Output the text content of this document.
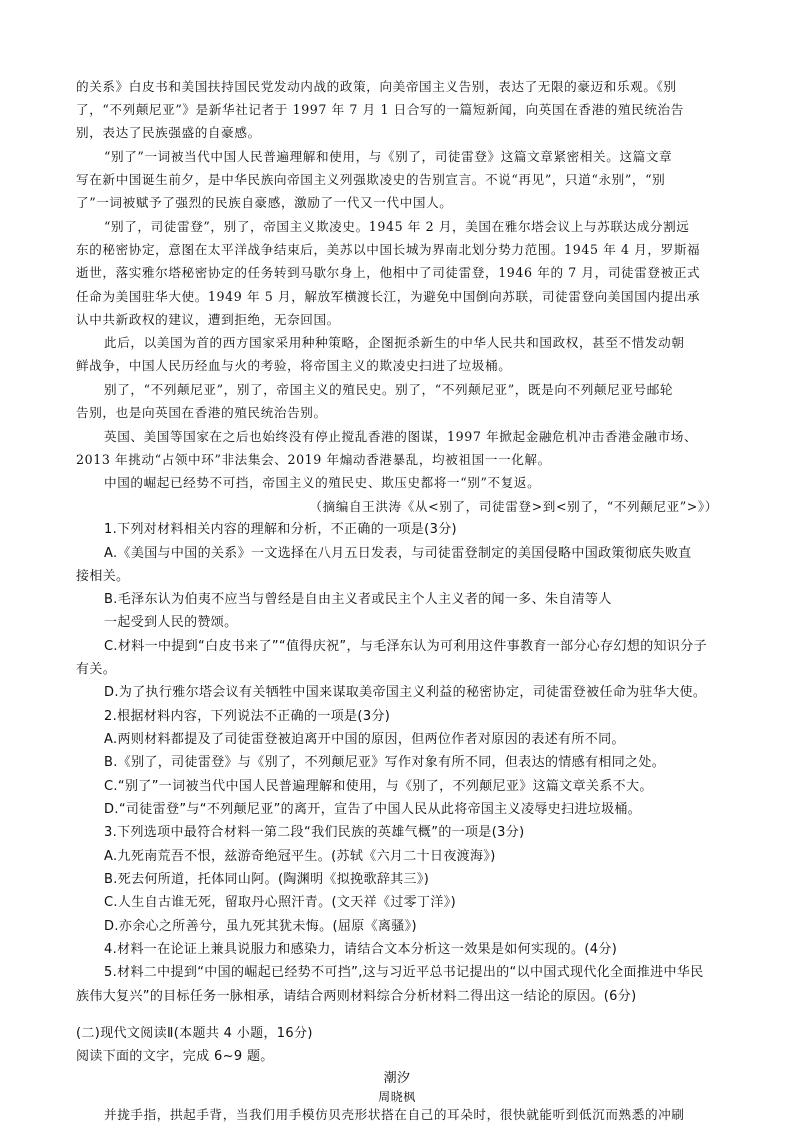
的关系》白皮书和美国扶持国民党发动内战的政策，向美帝国主义告别，表达了无限的豪迈和乐观。《别
了，“不列颠尼亚”》是新华社记者于 1997 年 7 月 1 日合写的一篇短新闻，向英国在香港的殖民统治告
别，表达了民族强盛的自豪感。
“别了”一词被当代中国人民普遍理解和使用，与《别了，司徒雷登》这篇文章紧密相关。这篇文章
写在新中国诞生前夕，是中华民族向帝国主义列强欺凌史的告别宣言。不说“再见”，只道“永别”，“别
了”一词被赋予了强烈的民族自豪感，激励了一代又一代中国人。
“别了，司徒雷登”，别了，帝国主义欺凌史。1945 年 2 月，美国在雅尔塔会议上与苏联达成分割远
东的秘密协定，意图在太平洋战争结束后，美苏以中国长城为界南北划分势力范围。1945 年 4 月，罗斯福
逝世，落实雅尔塔秘密协定的任务转到马歇尔身上，他相中了司徒雷登，1946 年的 7 月，司徒雷登被正式
任命为美国驻华大使。1949 年 5 月，解放军横渡长江，为避免中国倒向苏联，司徒雷登向美国国内提出承
认中共新政权的建议，遭到拒绝，无奈回国。
此后，以美国为首的西方国家采用种种策略，企图扼杀新生的中华人民共和国政权，甚至不惜发动朝
鲜战争，中国人民历经血与火的考验，将帝国主义的欺凌史扫进了垃圾桶。
别了，“不列颠尼亚”，别了，帝国主义的殖民史。别了，“不列颠尼亚”，既是向不列颠尼亚号邮轮
告别，也是向英国在香港的殖民统治告别。
英国、美国等国家在之后也始终没有停止搅乱香港的图谋，1997 年掀起金融危机冲击香港金融市场、
2013 年挑动“占领中环”非法集会、2019 年煽动香港暴乱，均被祖国一一化解。
中国的崛起已经势不可挡，帝国主义的殖民史、欺压史都将一“别”不复返。
（摘编自王洪涛《从<别了，司徒雷登>到<别了，“不列颠尼亚”>》）
1.下列对材料相关内容的理解和分析，不正确的一项是(3分)
A.《美国与中国的关系》一文选择在八月五日发表，与司徒雷登制定的美国侵略中国政策彻底失败直
接相关。
B.毛泽东认为伯夷不应当与曾经是自由主义者或民主个人主义者的闻一多、朱自清等人
一起受到人民的赞颂。
C.材料一中提到“白皮书来了”“值得庆祝”，与毛泽东认为可利用这件事教育一部分心存幻想的知识分子
有关。
D.为了执行雅尔塔会议有关牺牲中国来谋取美帝国主义利益的秘密协定，司徒雷登被任命为驻华大使。
2.根据材料内容，下列说法不正确的一项是(3分)
A.两则材料都提及了司徒雷登被迫离开中国的原因，但两位作者对原因的表述有所不同。
B.《别了，司徒雷登》与《别了，不列颠尼亚》写作对象有所不同，但表达的情感有相同之处。
C.“别了”一词被当代中国人民普遍理解和使用，与《别了，不列颠尼亚》这篇文章关系不大。
D.“司徒雷登”与“不列颠尼亚”的离开，宣告了中国人民从此将帝国主义凌辱史扫进垃圾桶。
3.下列选项中最符合材料一第二段“我们民族的英雄气概”的一项是(3分)
A.九死南荒吾不恨，兹游奇绝冠平生。(苏轼《六月二十日夜渡海》)
B.死去何所道，托体同山阿。(陶渊明《拟挽歌辞其三》)
C.人生自古谁无死，留取丹心照汗青。(文天祥《过零丁洋》)
D.亦余心之所善兮，虽九死其犹未悔。(屈原《离骚》)
4.材料一在论证上兼具说服力和感染力，请结合文本分析这一效果是如何实现的。(4分)
5.材料二中提到“中国的崛起已经势不可挡”,这与习近平总书记提出的“以中国式现代化全面推进中华民
族伟大复兴”的目标任务一脉相承，请结合两则材料综合分析材料二得出这一结论的原因。(6分)
(二)现代文阅读Ⅱ(本题共 4 小题，16分)
阅读下面的文字，完成 6~9 题。
潮汐
周晓枫
并拢手指，拱起手背，当我们用手模仿贝壳形状搭在自己的耳朵时，很快就能听到低沉而熟悉的冲刷
